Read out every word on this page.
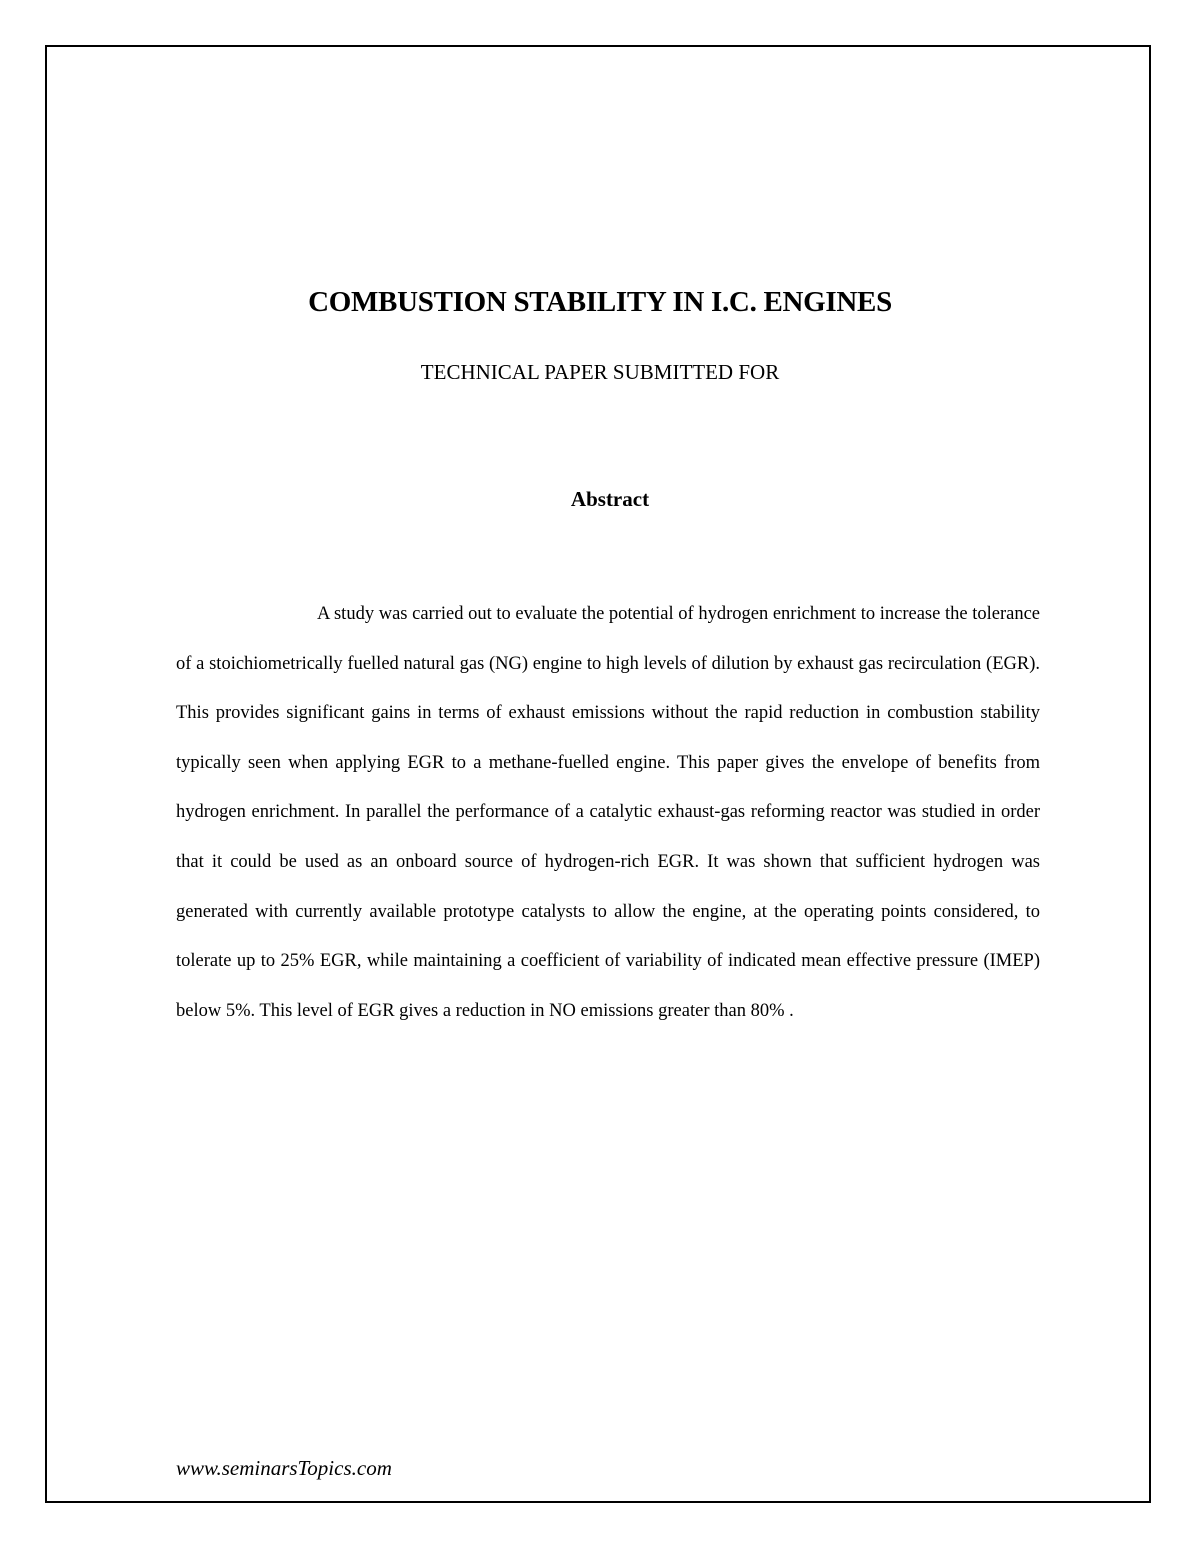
COMBUSTION STABILITY IN I.C. ENGINES

TECHNICAL PAPER SUBMITTED FOR

Abstract

A study was carried out to evaluate the potential of hydrogen enrichment to increase the tolerance of a stoichiometrically fuelled natural gas (NG) engine to high levels of dilution by exhaust gas recirculation (EGR). This provides significant gains in terms of exhaust emissions without the rapid reduction in combustion stability typically seen when applying EGR to a methane-fuelled engine. This paper gives the envelope of benefits from hydrogen enrichment. In parallel the performance of a catalytic exhaust-gas reforming reactor was studied in order that it could be used as an onboard source of hydrogen-rich EGR. It was shown that sufficient hydrogen was generated with currently available prototype catalysts to allow the engine, at the operating points considered, to tolerate up to 25% EGR, while maintaining a coefficient of variability of indicated mean effective pressure (IMEP) below 5%. This level of EGR gives a reduction in NO emissions greater than 80% .

www.seminarsTopics.com
